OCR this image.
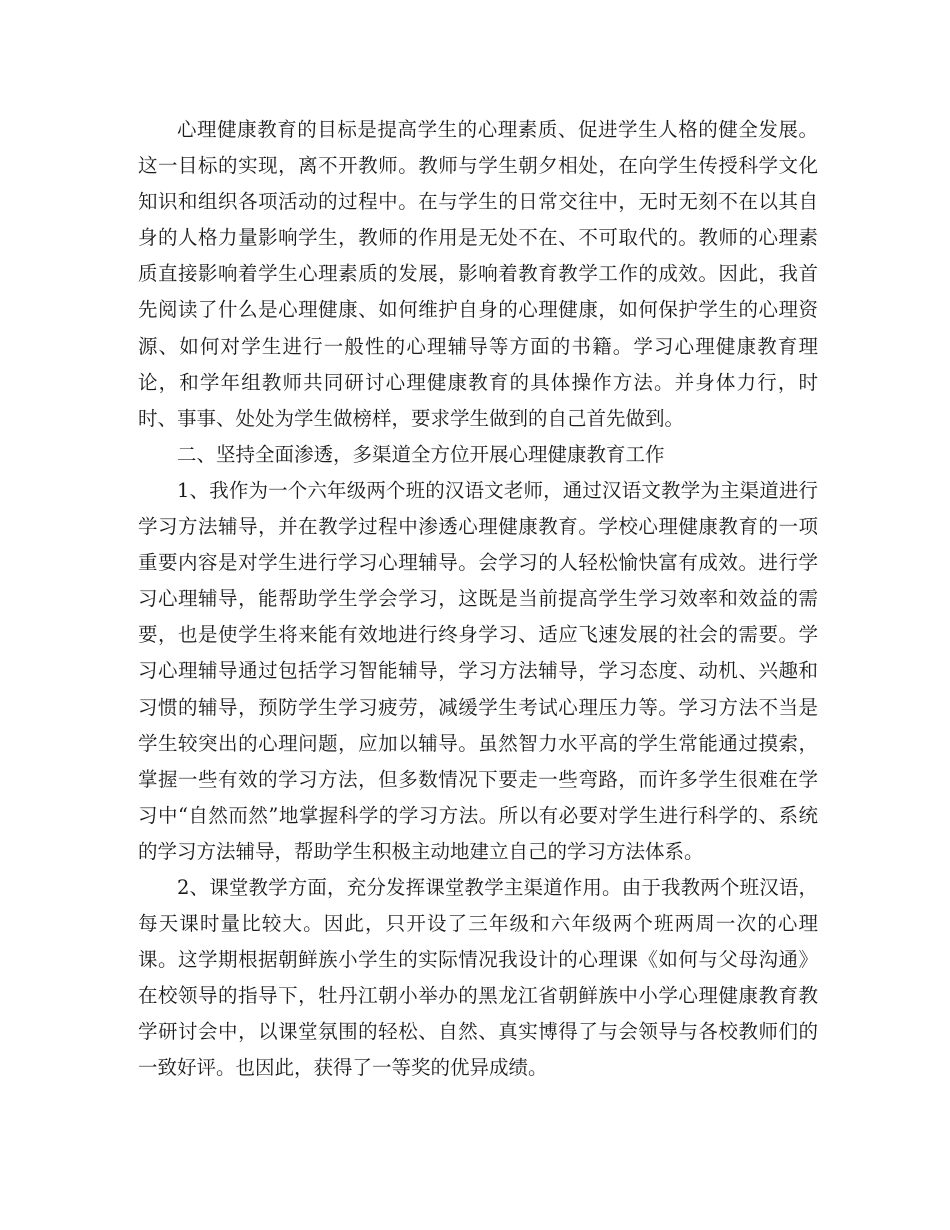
心理健康教育的目标是提高学生的心理素质、促进学生人格的健全发展。这一目标的实现，离不开教师。教师与学生朝夕相处，在向学生传授科学文化知识和组织各项活动的过程中。在与学生的日常交往中，无时无刻不在以其自身的人格力量影响学生，教师的作用是无处不在、不可取代的。教师的心理素质直接影响着学生心理素质的发展，影响着教育教学工作的成效。因此，我首先阅读了什么是心理健康、如何维护自身的心理健康，如何保护学生的心理资源、如何对学生进行一般性的心理辅导等方面的书籍。学习心理健康教育理论，和学年组教师共同研讨心理健康教育的具体操作方法。并身体力行，时时、事事、处处为学生做榜样，要求学生做到的自己首先做到。

二、坚持全面渗透，多渠道全方位开展心理健康教育工作

1、我作为一个六年级两个班的汉语文老师，通过汉语文教学为主渠道进行学习方法辅导，并在教学过程中渗透心理健康教育。学校心理健康教育的一项重要内容是对学生进行学习心理辅导。会学习的人轻松愉快富有成效。进行学习心理辅导，能帮助学生学会学习，这既是当前提高学生学习效率和效益的需要，也是使学生将来能有效地进行终身学习、适应飞速发展的社会的需要。学习心理辅导通过包括学习智能辅导，学习方法辅导，学习态度、动机、兴趣和习惯的辅导，预防学生学习疲劳，减缓学生考试心理压力等。学习方法不当是学生较突出的心理问题，应加以辅导。虽然智力水平高的学生常能通过摸索，掌握一些有效的学习方法，但多数情况下要走一些弯路，而许多学生很难在学习中“自然而然”地掌握科学的学习方法。所以有必要对学生进行科学的、系统的学习方法辅导，帮助学生积极主动地建立自己的学习方法体系。

2、课堂教学方面，充分发挥课堂教学主渠道作用。由于我教两个班汉语，每天课时量比较大。因此，只开设了三年级和六年级两个班两周一次的心理课。这学期根据朝鲜族小学生的实际情况我设计的心理课《如何与父母沟通》在校领导的指导下，牡丹江朝小举办的黑龙江省朝鲜族中小学心理健康教育教学研讨会中，以课堂氛围的轻松、自然、真实博得了与会领导与各校教师们的一致好评。也因此，获得了一等奖的优异成绩。
